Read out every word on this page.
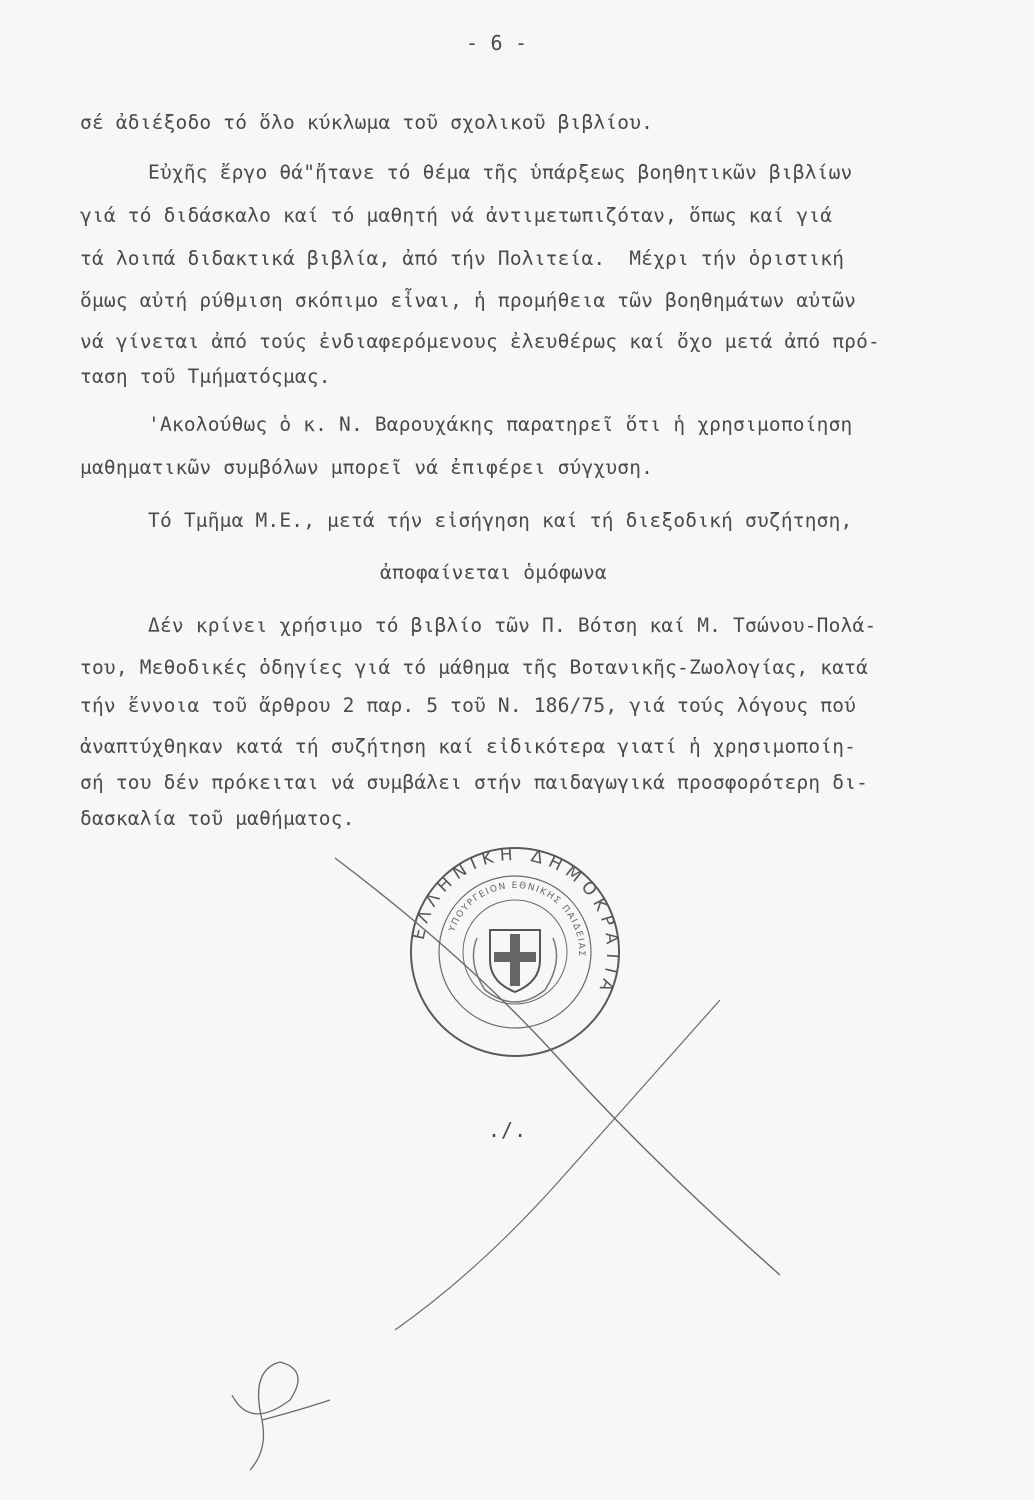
- 6 -
σέ ἀδιέξοδο τό ὅλο κύκλωμα τοῦ σχολικοῦ βιβλίου.
Εὐχῆς ἔργο θά"ἤτανε τό θέμα τῆς ὑπάρξεως βοηθητικῶν βιβλίων
γιά τό διδάσκαλο καί τό μαθητή νά ἀντιμετωπιζόταν, ὅπως καί γιά
τά λοιπά διδακτικά βιβλία, ἀπό τήν Πολιτεία.  Μέχρι τήν ὁριστική
ὅμως αὐτή ρύθμιση σκόπιμο εἶναι, ἡ προμήθεια τῶν βοηθημάτων αὐτῶν
νά γίνεται ἀπό τούς ἐνδιαφερόμενους ἐλευθέρως καί ὄχο μετά ἀπό πρό-
ταση τοῦ Τμήματόςμας.
'Ακολούθως ὁ κ. Ν. Βαρουχάκης παρατηρεῖ ὅτι ἡ χρησιμοποίηση
μαθηματικῶν συμβόλων μπορεῖ νά ἐπιφέρει σύγχυση.
Τό Τμῆμα Μ.Ε., μετά τήν εἰσήγηση καί τή διεξοδική συζήτηση,
ἀποφαίνεται ὁμόφωνα
Δέν κρίνει χρήσιμο τό βιβλίο τῶν Π. Βότση καί Μ. Τσώνου-Πολά-
του, Μεθοδικές ὁδηγίες γιά τό μάθημα τῆς Βοτανικῆς-Ζωολογίας, κατά
τήν ἔννοια τοῦ ἄρθρου 2 παρ. 5 τοῦ Ν. 186/75, γιά τούς λόγους πού
ἀναπτύχθηκαν κατά τή συζήτηση καί εἰδικότερα γιατί ἡ χρησιμοποίη-
σή του δέν πρόκειται νά συμβάλει στήν παιδαγωγικά προσφορότερη δι-
δασκαλία τοῦ μαθήματος.
ΕΛΛΗΝΙΚΗ ΔΗΜΟΚΡΑΤΙΑ
ΥΠΟΥΡΓΕΙΟΝ ΕΘΝΙΚΗΣ ΠΑΙΔΕΙΑΣ
./.
